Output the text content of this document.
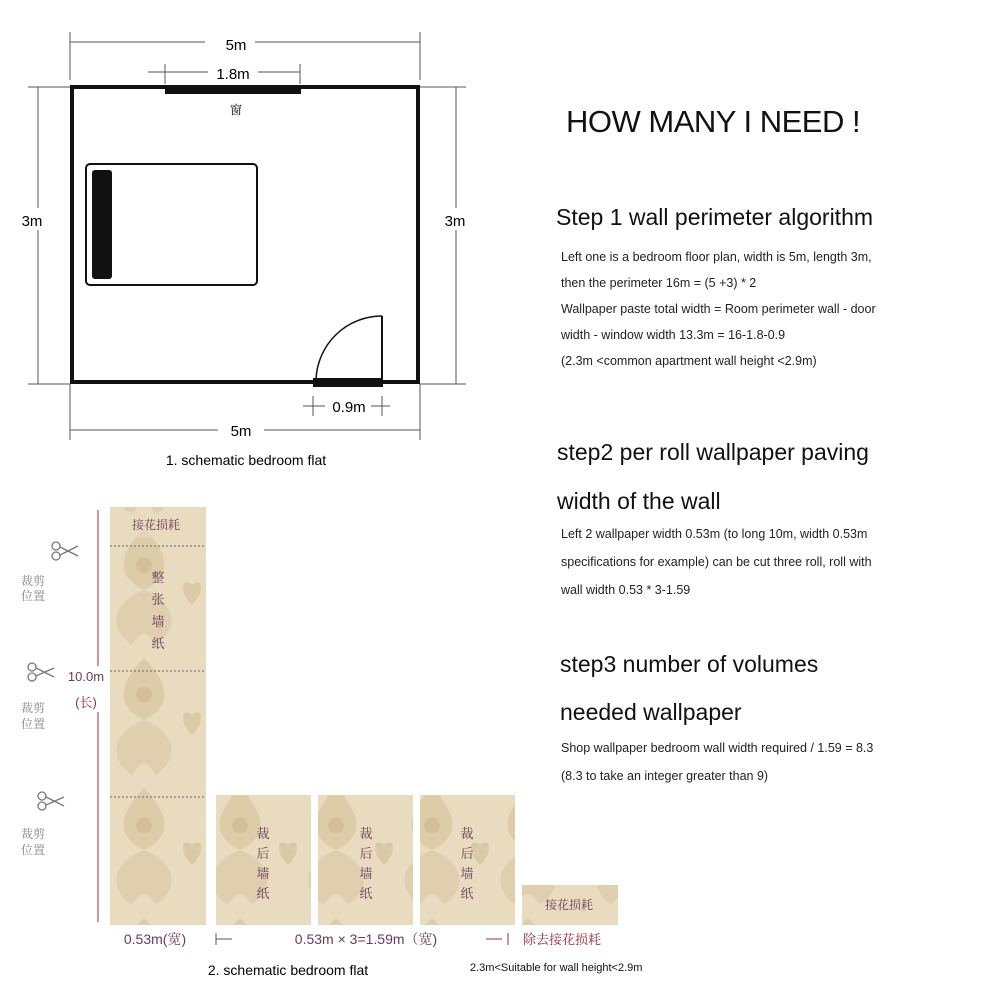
5m
1.8m
3m	3m
窗
0.9m
5m
1. schematic bedroom flat
HOW MANY I NEED !
Step 1 wall perimeter algorithm
Left one is a bedroom floor plan, width is 5m, length 3m,
then the perimeter 16m = (5 +3) * 2
Wallpaper paste total width = Room perimeter wall - door
width - window width 13.3m = 16-1.8-0.9
(2.3m <common apartment wall height <2.9m)
step2 per roll wallpaper paving
width of the wall
Left 2 wallpaper width 0.53m (to long 10m, width 0.53m
specifications for example) can be cut three roll, roll with
wall width 0.53 * 3-1.59
step3 number of volumes
needed wallpaper
Shop wallpaper bedroom wall width required / 1.59 = 8.3
(8.3 to take an integer greater than 9)
接花损耗
整
张
墙
纸
10.0m
(长)
裁剪
位置
裁剪
位置
裁剪
位置
裁
后
墙
纸
裁
后
墙
纸
裁
后
墙
纸
接花损耗
0.53m(宽)	0.53m × 3=1.59m（宽)	除去接花损耗
2. schematic bedroom flat	2.3m<Suitable for wall height<2.9m
